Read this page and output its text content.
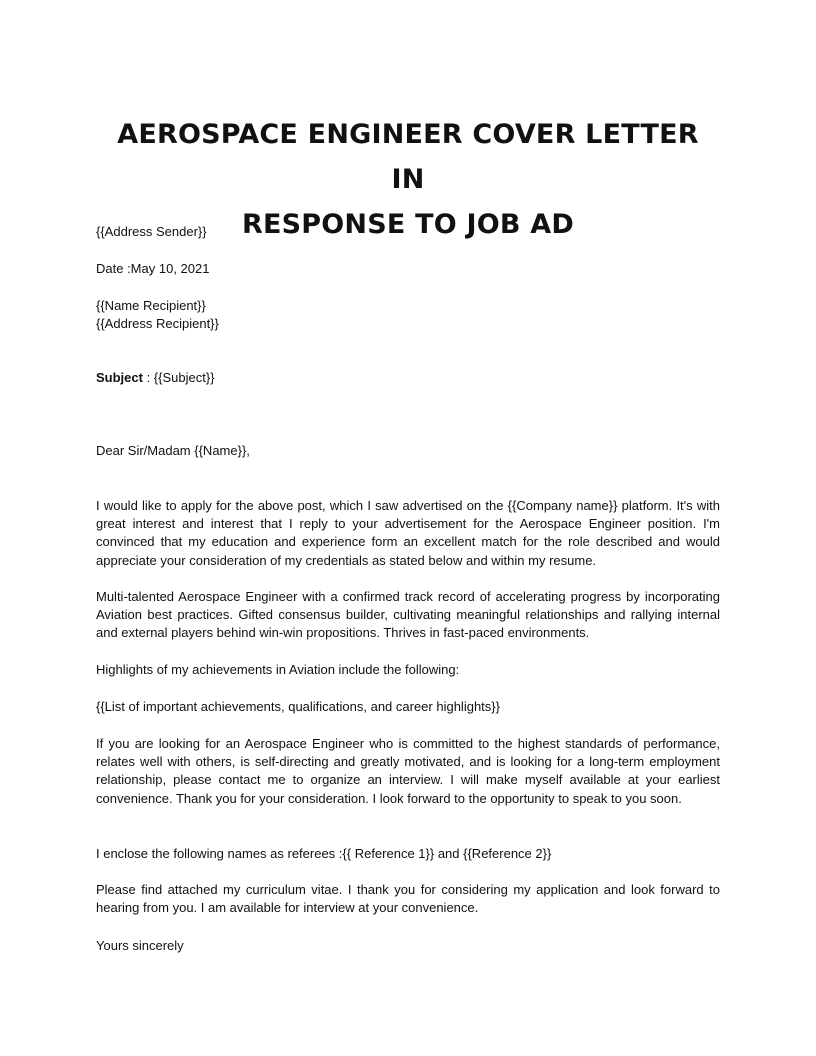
AEROSPACE ENGINEER COVER LETTER IN
RESPONSE TO JOB AD
{{Address Sender}}
Date :May 10, 2021
{{Name Recipient}}
{{Address Recipient}}
Subject : {{Subject}}
Dear Sir/Madam {{Name}},
I would like to apply for the above post, which I saw advertised on the {{Company name}} platform. It's with great interest and interest that I reply to your advertisement for the Aerospace Engineer position. I'm convinced that my education and experience form an excellent match for the role described and would appreciate your consideration of my credentials as stated below and within my resume.
Multi-talented Aerospace Engineer with a confirmed track record of accelerating progress by incorporating Aviation best practices. Gifted consensus builder, cultivating meaningful relationships and rallying internal and external players behind win-win propositions. Thrives in fast-paced environments.
Highlights of my achievements in Aviation include the following:
{{List of important achievements, qualifications, and career highlights}}
If you are looking for an Aerospace Engineer who is committed to the highest standards of performance, relates well with others, is self-directing and greatly motivated, and is looking for a long-term employment relationship, please contact me to organize an interview. I will make myself available at your earliest convenience. Thank you for your consideration. I look forward to the opportunity to speak to you soon.
I enclose the following names as referees :{{ Reference 1}} and {{Reference 2}}
Please find attached my curriculum vitae. I thank you for considering my application and look forward to hearing from you. I am available for interview at your convenience.
Yours sincerely
